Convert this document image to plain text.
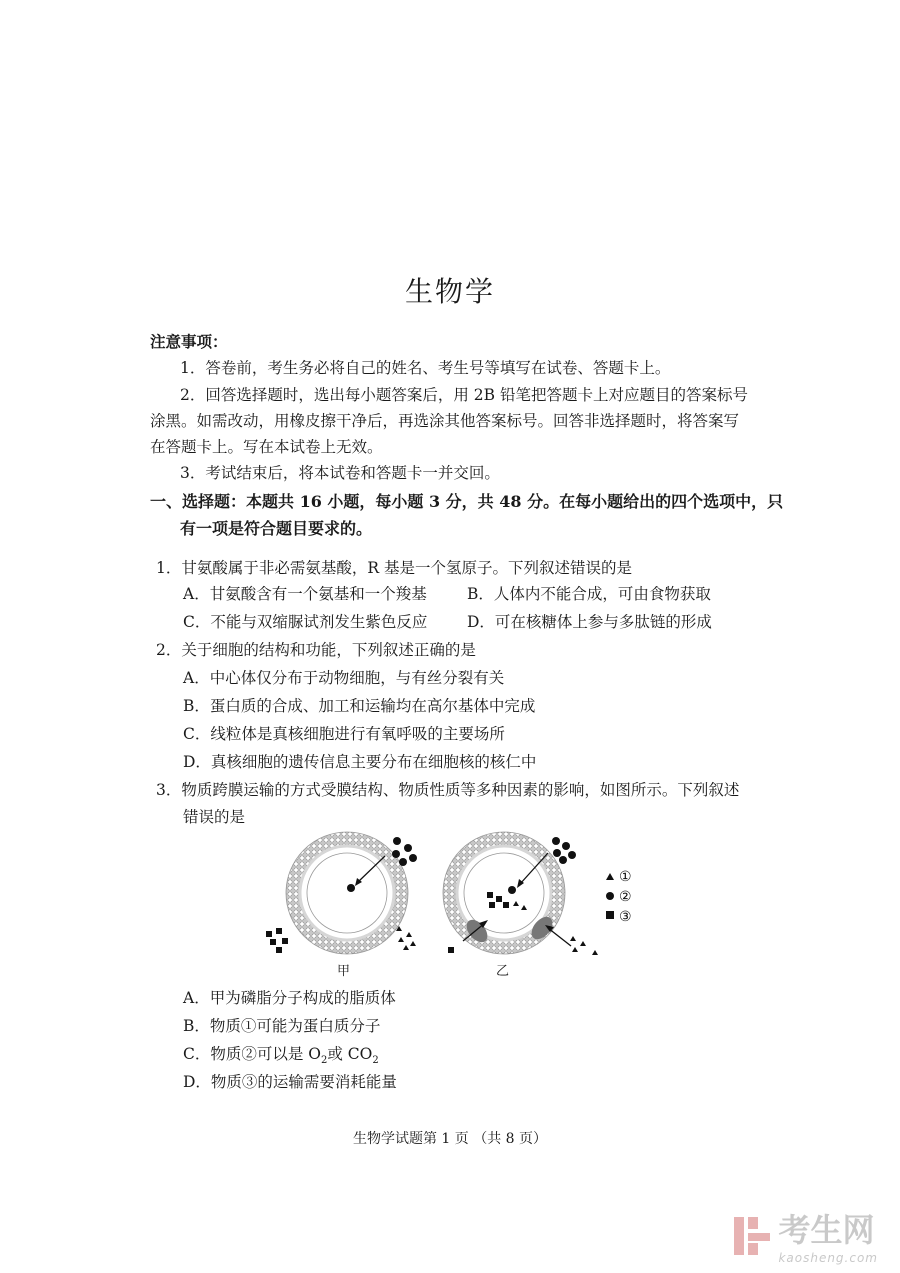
生物学
注意事项：
1．答卷前，考生务必将自己的姓名、考生号等填写在试卷、答题卡上。
2．回答选择题时，选出每小题答案后，用 2B 铅笔把答题卡上对应题目的答案标号
涂黑。如需改动，用橡皮擦干净后，再选涂其他答案标号。回答非选择题时，将答案写
在答题卡上。写在本试卷上无效。
3．考试结束后，将本试卷和答题卡一并交回。
一、选择题：本题共 16 小题，每小题 3 分，共 48 分。在每小题给出的四个选项中，只
有一项是符合题目要求的。
1．甘氨酸属于非必需氨基酸，R 基是一个氢原子。下列叙述错误的是
A．甘氨酸含有一个氨基和一个羧基	B．人体内不能合成，可由食物获取
C．不能与双缩脲试剂发生紫色反应	D．可在核糖体上参与多肽链的形成
2．关于细胞的结构和功能，下列叙述正确的是
A．中心体仅分布于动物细胞，与有丝分裂有关
B．蛋白质的合成、加工和运输均在高尔基体中完成
C．线粒体是真核细胞进行有氧呼吸的主要场所
D．真核细胞的遗传信息主要分布在细胞核的核仁中
3．物质跨膜运输的方式受膜结构、物质性质等多种因素的影响，如图所示。下列叙述
错误的是
①
②
③
甲	乙
A．甲为磷脂分子构成的脂质体
B．物质①可能为蛋白质分子
C．物质②可以是 $O_2$或 $CO_2$
D．物质③的运输需要消耗能量
生物学试题第 1 页 （共 8 页）
考生网
kaosheng.com
